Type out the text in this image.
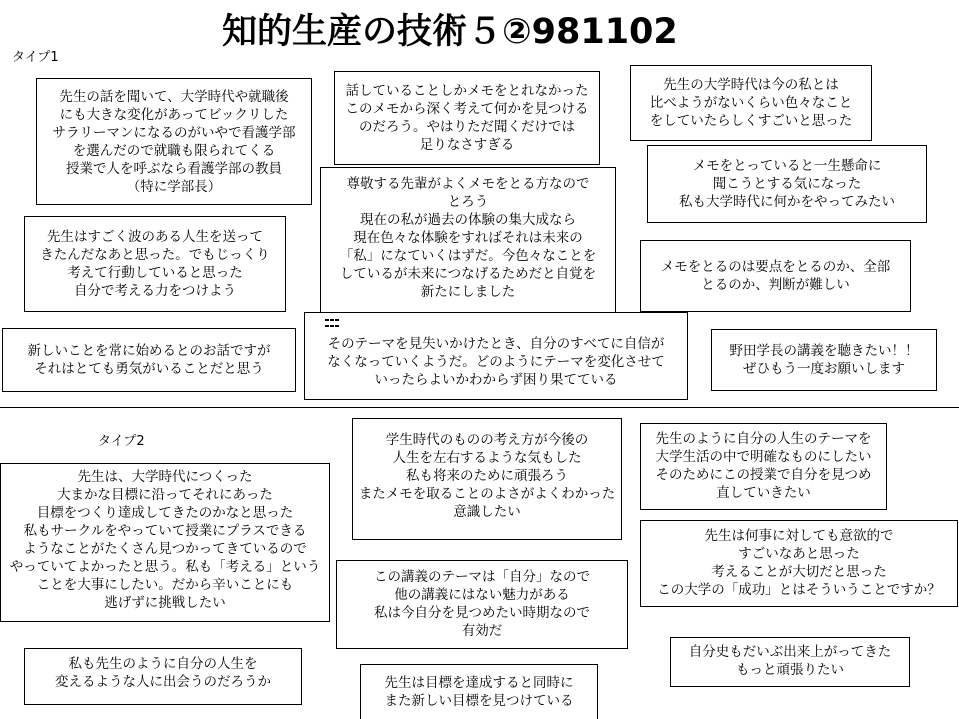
知的生産の技術５②981102
タイプ1
タイプ2
先生の話を聞いて、大学時代や就職後
にも大きな変化があってビックリした
サラリーマンになるのがいやで看護学部
を選んだので就職も限られてくる
授業で人を呼ぶなら看護学部の教員
（特に学部長）
話していることしかメモをとれなかった
このメモから深く考えて何かを見つける
のだろう。やはりただ聞くだけでは
足りなさすぎる
先生の大学時代は今の私とは
比べようがないくらい色々なこと
をしていたらしくすごいと思った
尊敬する先輩がよくメモをとる方なので
とろう
現在の私が過去の体験の集大成なら
現在色々な体験をすればそれは未来の
「私」になていくはずだ。今色々なことを
しているが未来につなげるためだと自覚を
新たにしました
メモをとっていると一生懸命に
聞こうとする気になった
私も大学時代に何かをやってみたい
先生はすごく波のある人生を送って
きたんだなあと思った。でもじっくり
考えて行動していると思った
自分で考える力をつけよう
メモをとるのは要点をとるのか、全部
とるのか、判断が難しい
新しいことを常に始めるとのお話ですが
それはとても勇気がいることだと思う
そのテーマを見失いかけたとき、自分のすべてに自信が
なくなっていくようだ。どのようにテーマを変化させて
いったらよいかわからず困り果てている
野田学長の講義を聴きたい！！
ぜひもう一度お願いします
先生は、大学時代につくった
大まかな目標に沿ってそれにあった
目標をつくり達成してきたのかなと思った
私もサークルをやっていて授業にプラスできる
ようなことがたくさん見つかってきているので
やっていてよかったと思う。私も「考える」という
ことを大事にしたい。だから辛いことにも
逃げずに挑戦したい
学生時代のものの考え方が今後の
人生を左右するような気もした
私も将来のために頑張ろう
またメモを取ることのよさがよくわかった
意識したい
先生のように自分の人生のテーマを
大学生活の中で明確なものにしたい
そのためにこの授業で自分を見つめ
直していきたい
先生は何事に対しても意欲的で
すごいなあと思った
考えることが大切だと思った
この大学の「成功」とはそういうことですか？
この講義のテーマは「自分」なので
他の講義にはない魅力がある
私は今自分を見つめたい時期なので
有効だ
自分史もだいぶ出来上がってきた
もっと頑張りたい
私も先生のように自分の人生を
変えるような人に出会うのだろうか	先生は目標を達成すると同時に
また新しい目標を見つけている
